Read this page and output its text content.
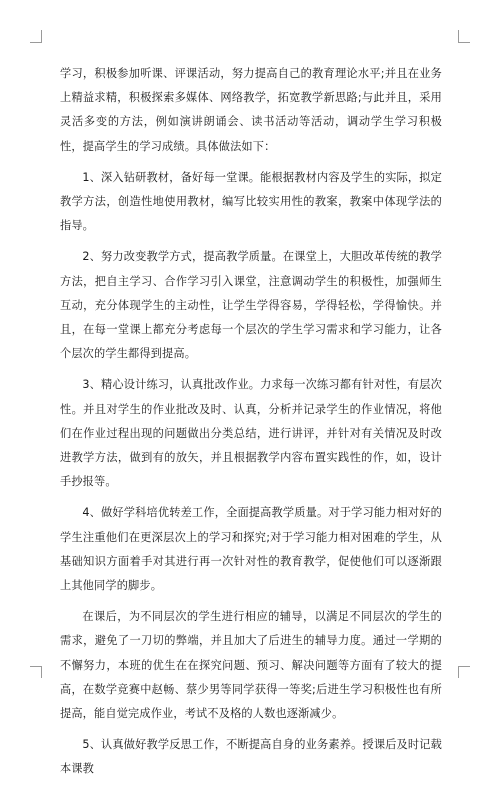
学习，积极参加听课、评课活动，努力提高自己的教育理论水平;并且在业务上精益求精，积极探索多媒体、网络教学，拓宽教学新思路;与此并且，采用灵活多变的方法，例如演讲朗诵会、读书活动等活动，调动学生学习积极性，提高学生的学习成绩。具体做法如下：

1、深入钻研教材，备好每一堂课。能根据教材内容及学生的实际，拟定教学方法，创造性地使用教材，编写比较实用性的教案，教案中体现学法的指导。

2、努力改变教学方式，提高教学质量。在课堂上，大胆改革传统的教学方法，把自主学习、合作学习引入课堂，注意调动学生的积极性，加强师生互动，充分体现学生的主动性，让学生学得容易，学得轻松，学得愉快。并且，在每一堂课上都充分考虑每一个层次的学生学习需求和学习能力，让各个层次的学生都得到提高。

3、精心设计练习，认真批改作业。力求每一次练习都有针对性，有层次性。并且对学生的作业批改及时、认真，分析并记录学生的作业情况，将他们在作业过程出现的问题做出分类总结，进行讲评，并针对有关情况及时改进教学方法，做到有的放矢，并且根据教学内容布置实践性的作，如，设计手抄报等。

4、做好学科培优转差工作，全面提高教学质量。对于学习能力相对好的学生注重他们在更深层次上的学习和探究;对于学习能力相对困难的学生，从基础知识方面着手对其进行再一次针对性的教育教学，促使他们可以逐渐跟上其他同学的脚步。

在课后，为不同层次的学生进行相应的辅导，以满足不同层次的学生的需求，避免了一刀切的弊端，并且加大了后进生的辅导力度。通过一学期的不懈努力，本班的优生在在探究问题、预习、解决问题等方面有了较大的提高，在数学竞赛中赵畅、蔡少男等同学获得一等奖;后进生学习积极性也有所提高，能自觉完成作业，考试不及格的人数也逐渐减少。

5、认真做好教学反思工作，不断提高自身的业务素养。授课后及时记载本课教
